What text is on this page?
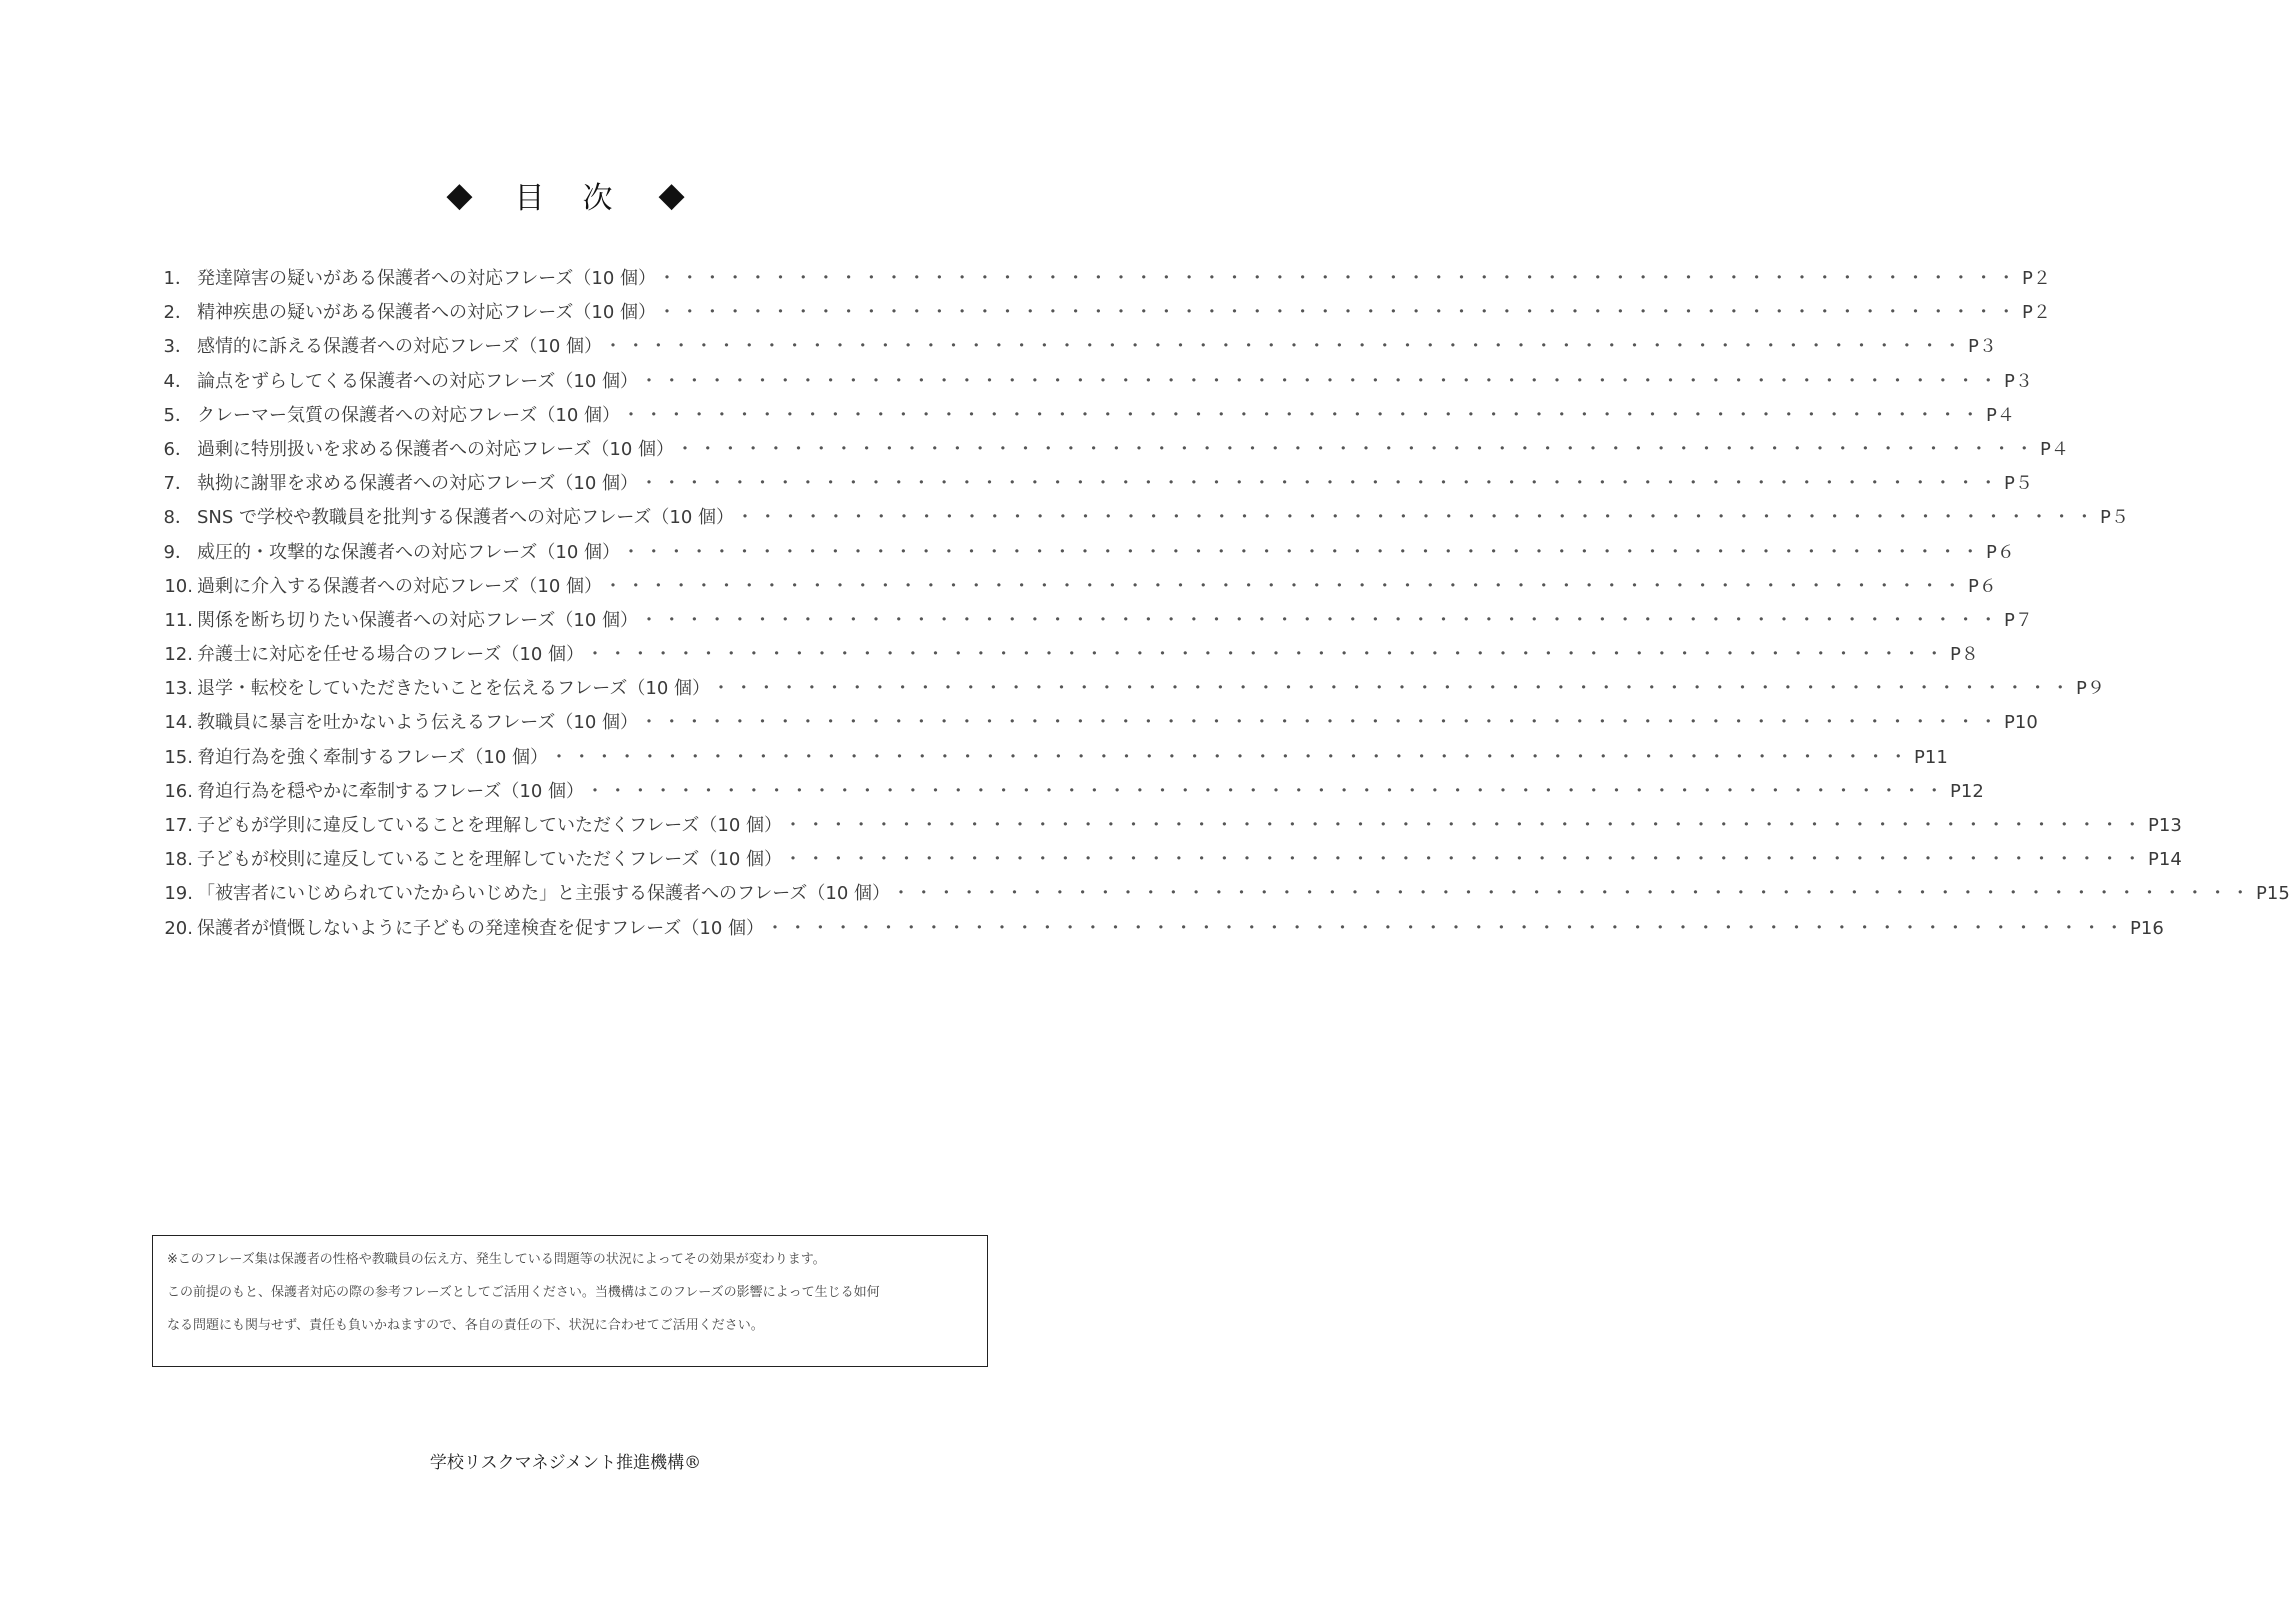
◆ 目　次 ◆
1． 発達障害の疑いがある保護者への対応フレーズ（10 個） ・・・・・・・・・・・・・・・・・・・・・・・・・・・・・・・・・・・・・・・・・・・・・・・・・・・・・・・・・・・・ P２
2． 精神疾患の疑いがある保護者への対応フレーズ（10 個） ・・・・・・・・・・・・・・・・・・・・・・・・・・・・・・・・・・・・・・・・・・・・・・・・・・・・・・・・・・・・ P２
3． 感情的に訴える保護者への対応フレーズ（10 個） ・・・・・・・・・・・・・・・・・・・・・・・・・・・・・・・・・・・・・・・・・・・・・・・・・・・・・・・・・・・・ P３
4． 論点をずらしてくる保護者への対応フレーズ（10 個） ・・・・・・・・・・・・・・・・・・・・・・・・・・・・・・・・・・・・・・・・・・・・・・・・・・・・・・・・・・・・ P３
5． クレーマー気質の保護者への対応フレーズ（10 個） ・・・・・・・・・・・・・・・・・・・・・・・・・・・・・・・・・・・・・・・・・・・・・・・・・・・・・・・・・・・・ P４
6． 過剰に特別扱いを求める保護者への対応フレーズ（10 個） ・・・・・・・・・・・・・・・・・・・・・・・・・・・・・・・・・・・・・・・・・・・・・・・・・・・・・・・・・・・・ P４
7． 執拗に謝罪を求める保護者への対応フレーズ（10 個） ・・・・・・・・・・・・・・・・・・・・・・・・・・・・・・・・・・・・・・・・・・・・・・・・・・・・・・・・・・・・ P５
8． SNS で学校や教職員を批判する保護者への対応フレーズ（10 個） ・・・・・・・・・・・・・・・・・・・・・・・・・・・・・・・・・・・・・・・・・・・・・・・・・・・・・・・・・・・・ P５
9． 威圧的・攻撃的な保護者への対応フレーズ（10 個） ・・・・・・・・・・・・・・・・・・・・・・・・・・・・・・・・・・・・・・・・・・・・・・・・・・・・・・・・・・・・ P６
10. 過剰に介入する保護者への対応フレーズ（10 個） ・・・・・・・・・・・・・・・・・・・・・・・・・・・・・・・・・・・・・・・・・・・・・・・・・・・・・・・・・・・・ P６
11. 関係を断ち切りたい保護者への対応フレーズ（10 個） ・・・・・・・・・・・・・・・・・・・・・・・・・・・・・・・・・・・・・・・・・・・・・・・・・・・・・・・・・・・・ P７
12. 弁護士に対応を任せる場合のフレーズ（10 個） ・・・・・・・・・・・・・・・・・・・・・・・・・・・・・・・・・・・・・・・・・・・・・・・・・・・・・・・・・・・・ P８
13. 退学・転校をしていただきたいことを伝えるフレーズ（10 個） ・・・・・・・・・・・・・・・・・・・・・・・・・・・・・・・・・・・・・・・・・・・・・・・・・・・・・・・・・・・・ P９
14. 教職員に暴言を吐かないよう伝えるフレーズ（10 個） ・・・・・・・・・・・・・・・・・・・・・・・・・・・・・・・・・・・・・・・・・・・・・・・・・・・・・・・・・・・・ P10
15. 脅迫行為を強く牽制するフレーズ（10 個） ・・・・・・・・・・・・・・・・・・・・・・・・・・・・・・・・・・・・・・・・・・・・・・・・・・・・・・・・・・・・ P11
16. 脅迫行為を穏やかに牽制するフレーズ（10 個） ・・・・・・・・・・・・・・・・・・・・・・・・・・・・・・・・・・・・・・・・・・・・・・・・・・・・・・・・・・・・ P12
17. 子どもが学則に違反していることを理解していただくフレーズ（10 個） ・・・・・・・・・・・・・・・・・・・・・・・・・・・・・・・・・・・・・・・・・・・・・・・・・・・・・・・・・・・・ P13
18. 子どもが校則に違反していることを理解していただくフレーズ（10 個） ・・・・・・・・・・・・・・・・・・・・・・・・・・・・・・・・・・・・・・・・・・・・・・・・・・・・・・・・・・・・ P14
19. 「被害者にいじめられていたからいじめた」と主張する保護者へのフレーズ（10 個） ・・・・・・・・・・・・・・・・・・・・・・・・・・・・・・・・・・・・・・・・・・・・・・・・・・・・・・・・・・・・ P15
20. 保護者が憤慨しないように子どもの発達検査を促すフレーズ（10 個） ・・・・・・・・・・・・・・・・・・・・・・・・・・・・・・・・・・・・・・・・・・・・・・・・・・・・・・・・・・・・ P16
※このフレーズ集は保護者の性格や教職員の伝え方、発生している問題等の状況によってその効果が変わります。
この前提のもと、保護者対応の際の参考フレーズとしてご活用ください。当機構はこのフレーズの影響によって生じる如何
なる問題にも関与せず、責任も負いかねますので、各自の責任の下、状況に合わせてご活用ください。
学校リスクマネジメント推進機構®
